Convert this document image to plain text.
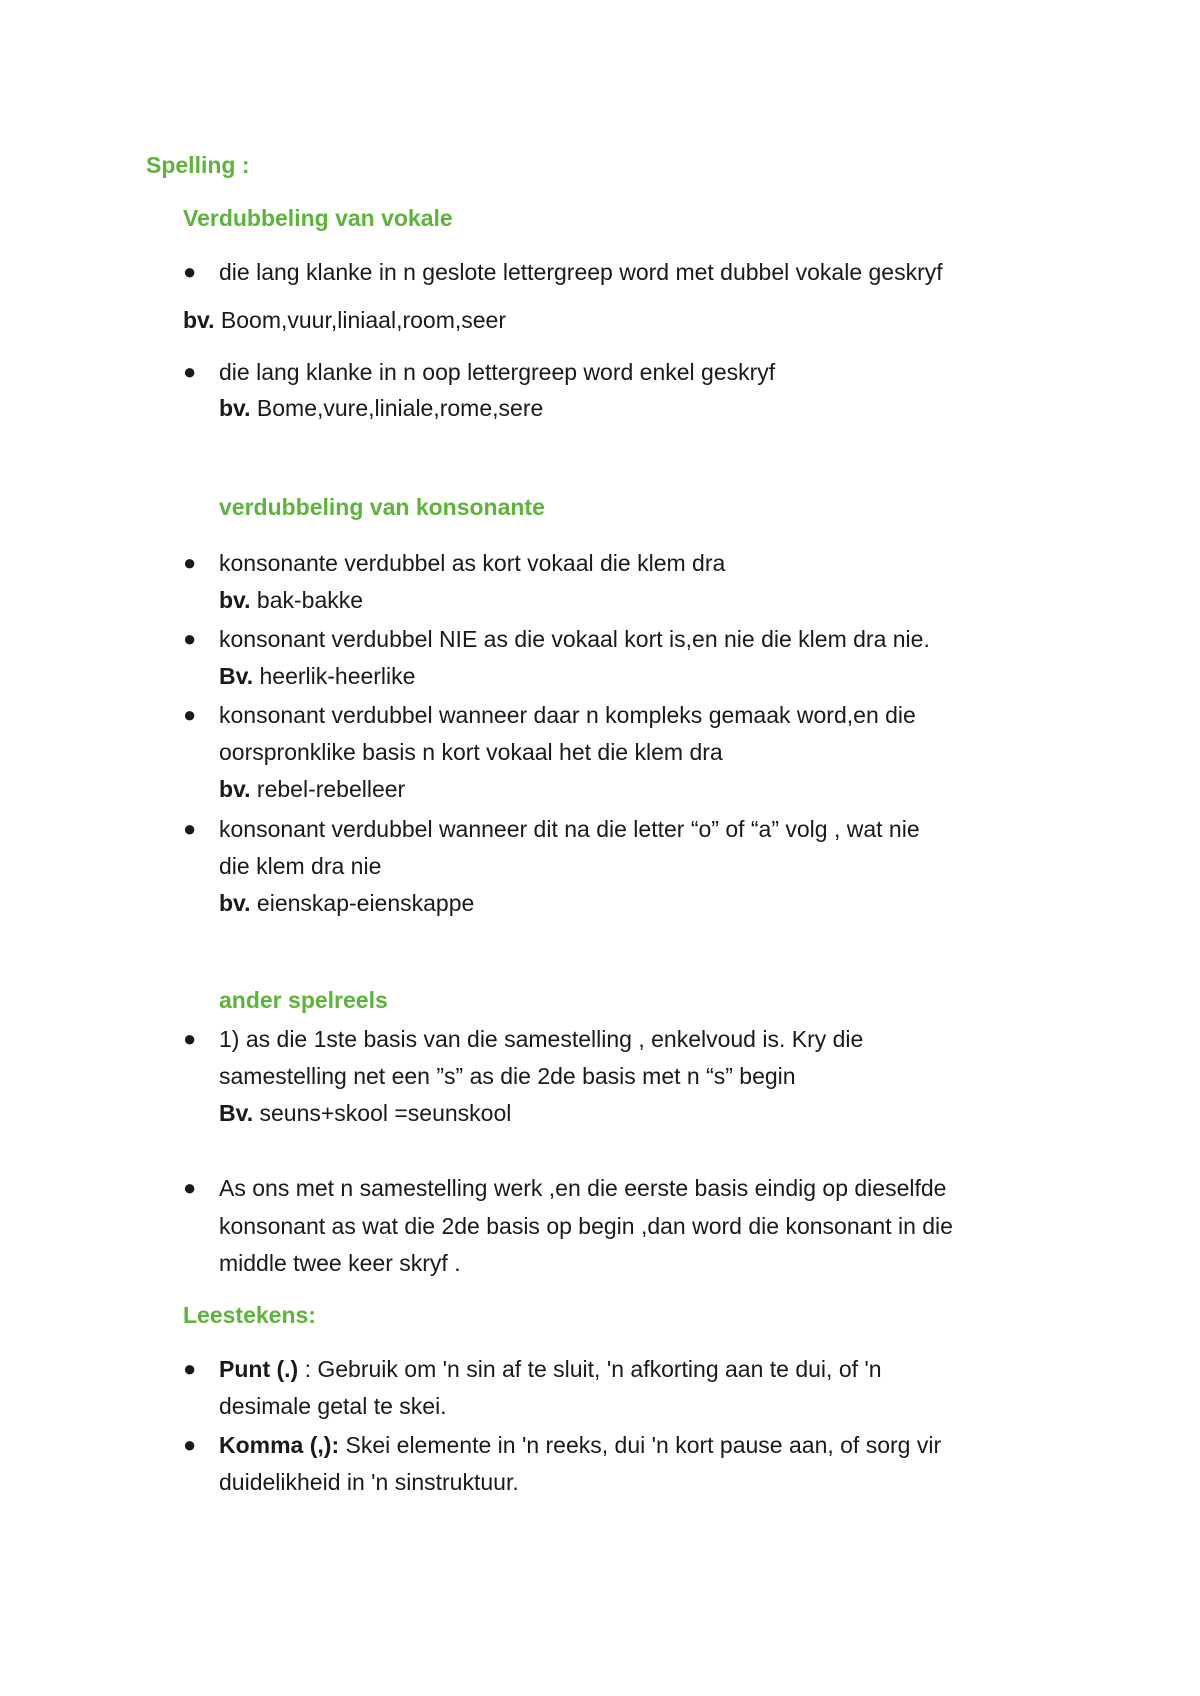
Spelling :
Verdubbeling van vokale
● die lang klanke in n geslote lettergreep word met dubbel vokale geskryf
bv. Boom,vuur,liniaal,room,seer
● die lang klanke in n oop lettergreep word enkel geskryf
bv. Bome,vure,liniale,rome,sere
verdubbeling van konsonante
● konsonante verdubbel as kort vokaal die klem dra
bv. bak-bakke
● konsonant verdubbel NIE as die vokaal kort is,en nie die klem dra nie.
Bv. heerlik-heerlike
● konsonant verdubbel wanneer daar n kompleks gemaak word,en die
oorspronklike basis n kort vokaal het die klem dra
bv. rebel-rebelleer
● konsonant verdubbel wanneer dit na die letter “o” of “a” volg , wat nie
die klem dra nie
bv. eienskap-eienskappe
ander spelreels
● 1) as die 1ste basis van die samestelling , enkelvoud is. Kry die
samestelling net een ”s” as die 2de basis met n “s” begin
Bv. seuns+skool =seunskool
● As ons met n samestelling werk ,en die eerste basis eindig op dieselfde
konsonant as wat die 2de basis op begin ,dan word die konsonant in die
middle twee keer skryf .
Leestekens:
● Punt (.) : Gebruik om 'n sin af te sluit, 'n afkorting aan te dui, of 'n
desimale getal te skei.
● Komma (,): Skei elemente in 'n reeks, dui 'n kort pause aan, of sorg vir
duidelikheid in 'n sinstruktuur.
